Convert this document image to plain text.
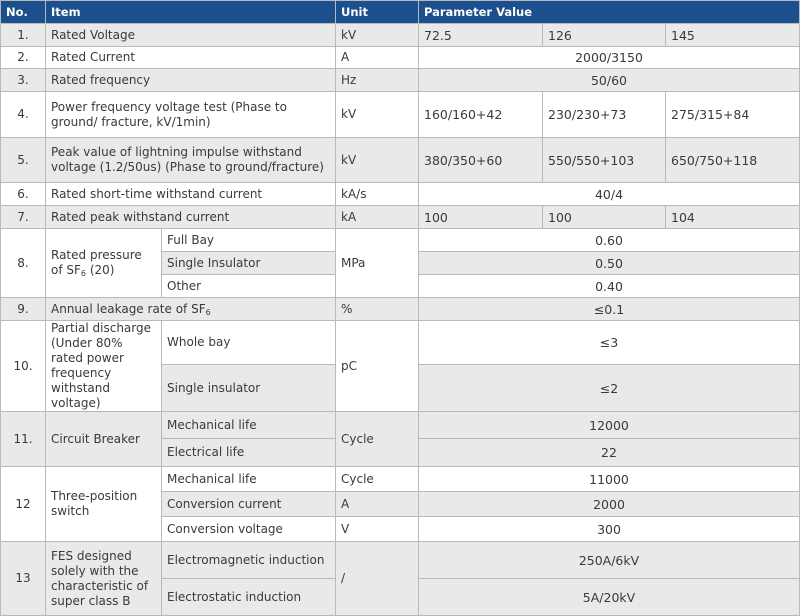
No.	Item		Unit	Parameter Value		
1.	Rated Voltage		kV	72.5	126	145
2.	Rated Current		A	2000/3150		
3.	Rated frequency		Hz	50/60		
4.	Power frequency voltage test (Phase to ground/ fracture, kV/1min)		kV	160/160+42	230/230+73	275/315+84
5.	Peak value of lightning impulse withstand voltage (1.2/50us) (Phase to ground/fracture)		kV	380/350+60	550/550+103	650/750+118
6.	Rated short-time withstand current		kA/s	40/4		
7.	Rated peak withstand current		kA	100	100	104
8.	Rated pressure of $SF_6$ (20)	Full Bay	MPa	0.60		
		Single Insulator		0.50		
		Other		0.40		
9.	Annual leakage rate of $SF_6$		%	≤0.1		
10.	Partial discharge (Under 80% rated power frequency withstand voltage)	Whole bay	pC	≤3		
		Single insulator		≤2		
11.	Circuit Breaker	Mechanical life	Cycle	12000		
		Electrical life		22		
12	Three-position switch	Mechanical life	Cycle	11000		
		Conversion current	A	2000		
		Conversion voltage	V	300		
13	FES designed solely with the characteristic of super class B	Electromagnetic induction	/	250A/6kV		
		Electrostatic induction		5A/20kV		
